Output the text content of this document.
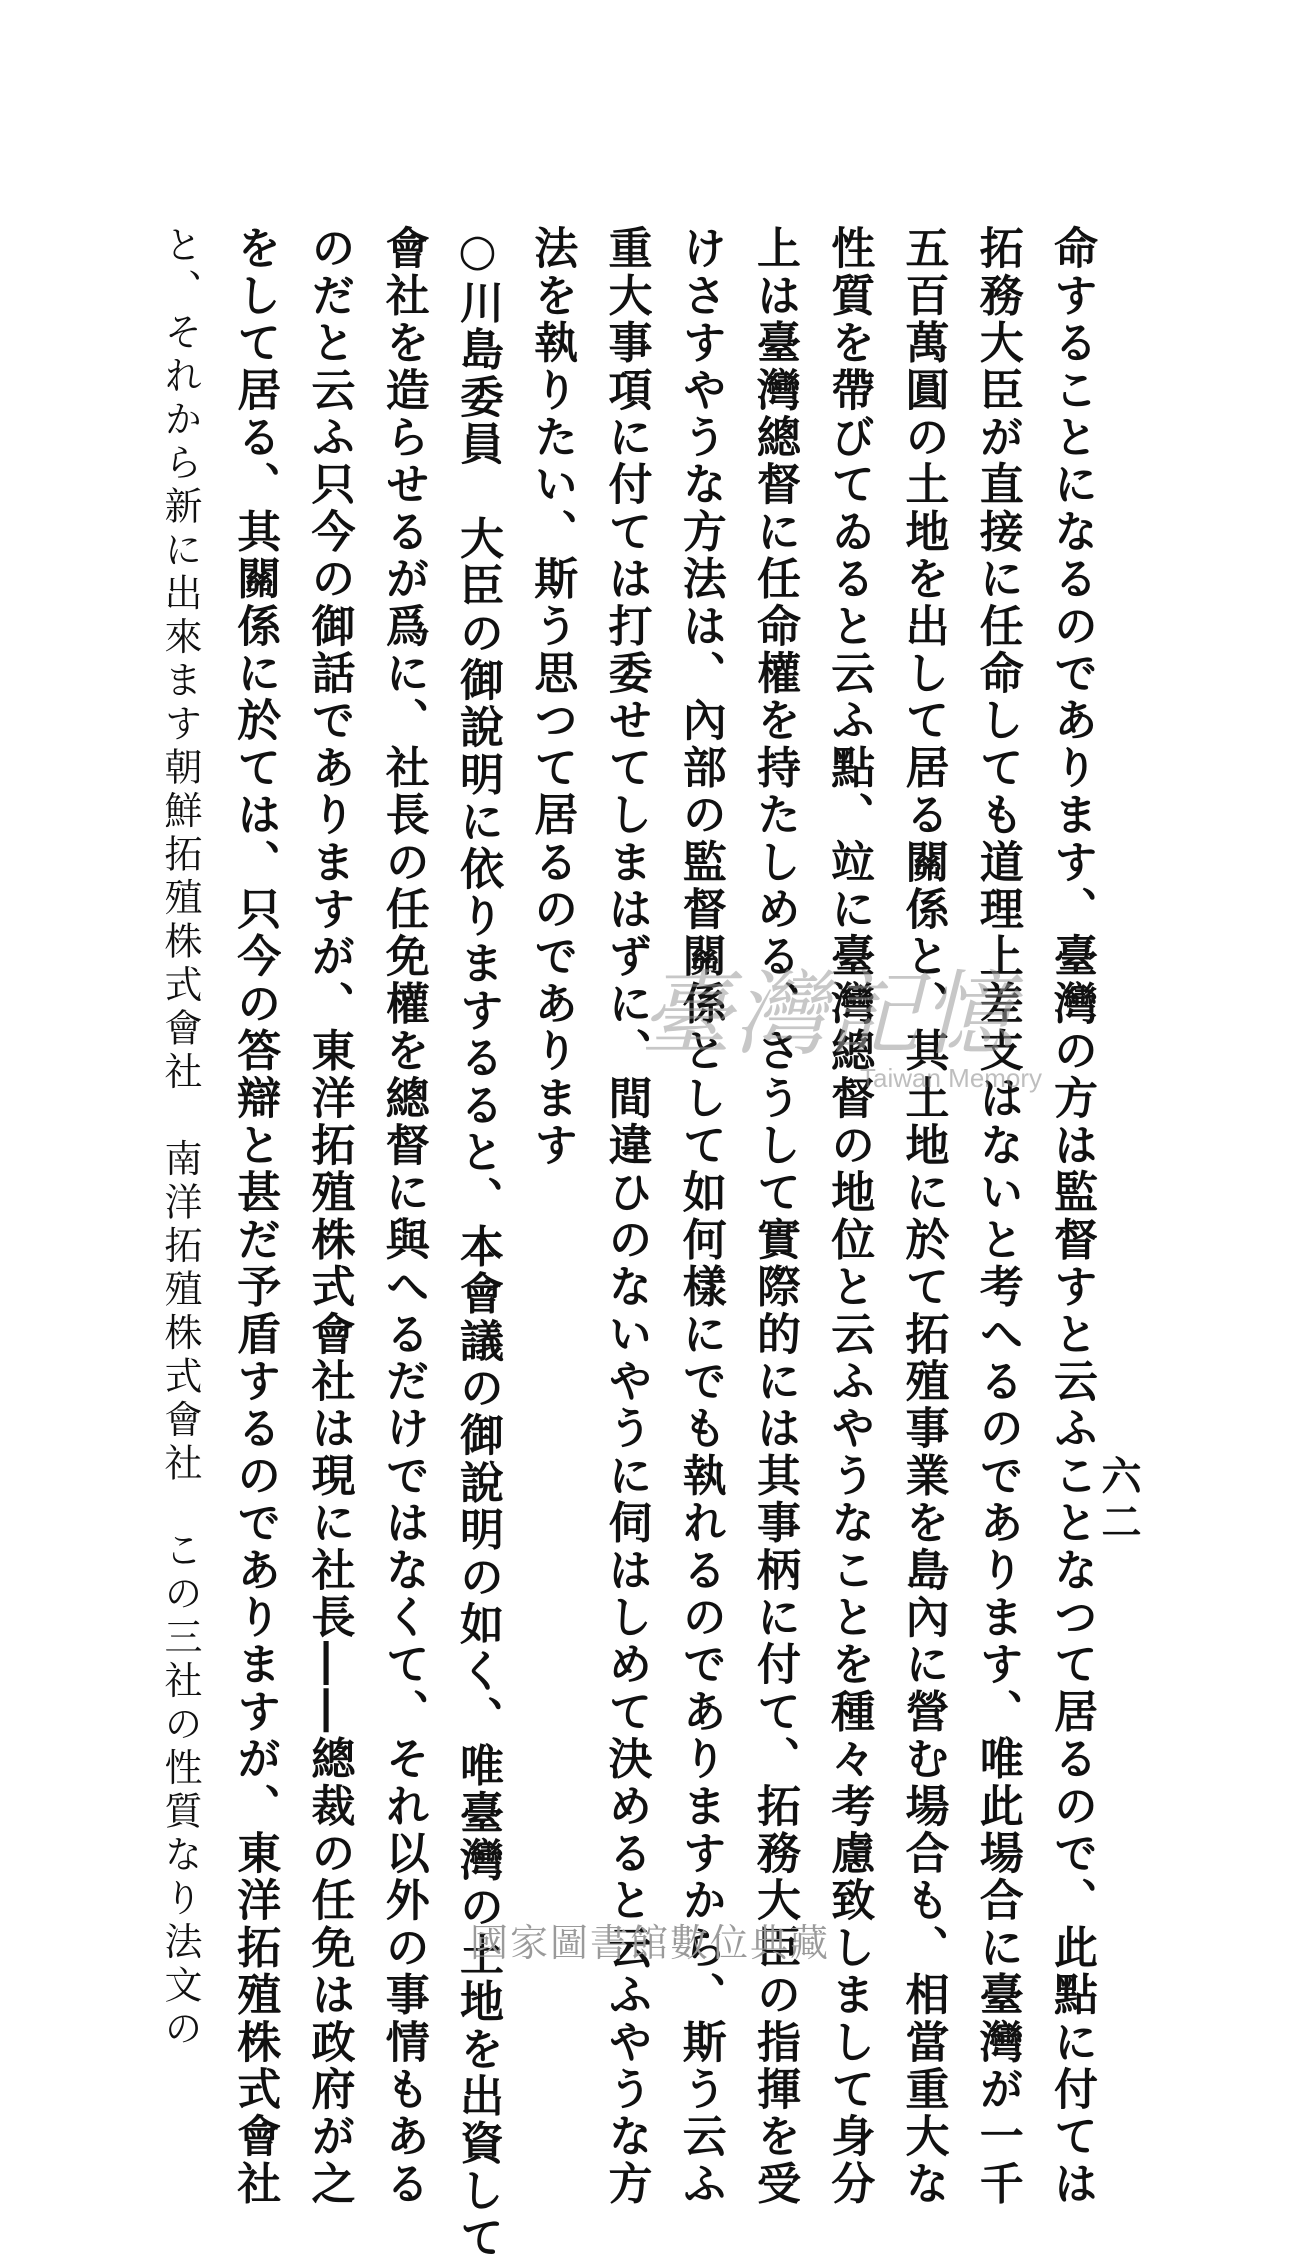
六二
命することになるのであります、臺灣の方は監督すと云ふことなつて居るので、此點に付ては
拓務大臣が直接に任命しても道理上差支はないと考へるのであります、唯此場合に臺灣が一千
五百萬圓の土地を出して居る關係と、其土地に於て拓殖事業を島內に營む場合も、相當重大な
性質を帶びてゐると云ふ點、竝に臺灣總督の地位と云ふやうなことを種々考慮致しまして身分
上は臺灣總督に任命權を持たしめる、さうして實際的には其事柄に付て、拓務大臣の指揮を受
けさすやうな方法は、內部の監督關係として如何樣にでも執れるのでありますから、斯う云ふ
重大事項に付ては打委せてしまはずに、間違ひのないやうに伺はしめて決めると云ふやうな方
法を執りたい、斯う思つて居るのであります
○川島委員　大臣の御說明に依りまするると、本會議の御說明の如く、唯臺灣の土地を出資して
會社を造らせるが爲に、社長の任免權を總督に與へるだけではなくて、それ以外の事情もある
のだと云ふ只今の御話でありますが、東洋拓殖株式會社は現に社長――總裁の任免は政府が之
をして居る、其關係に於ては、只今の答辯と甚だ予盾するのでありますが、東洋拓殖株式會社
と、それから新に出來ます朝鮮拓殖株式會社　南洋拓殖株式會社　この三社の性質なり法文の	臺灣記憶
Taiwan Memory
國家圖書館數位典藏
